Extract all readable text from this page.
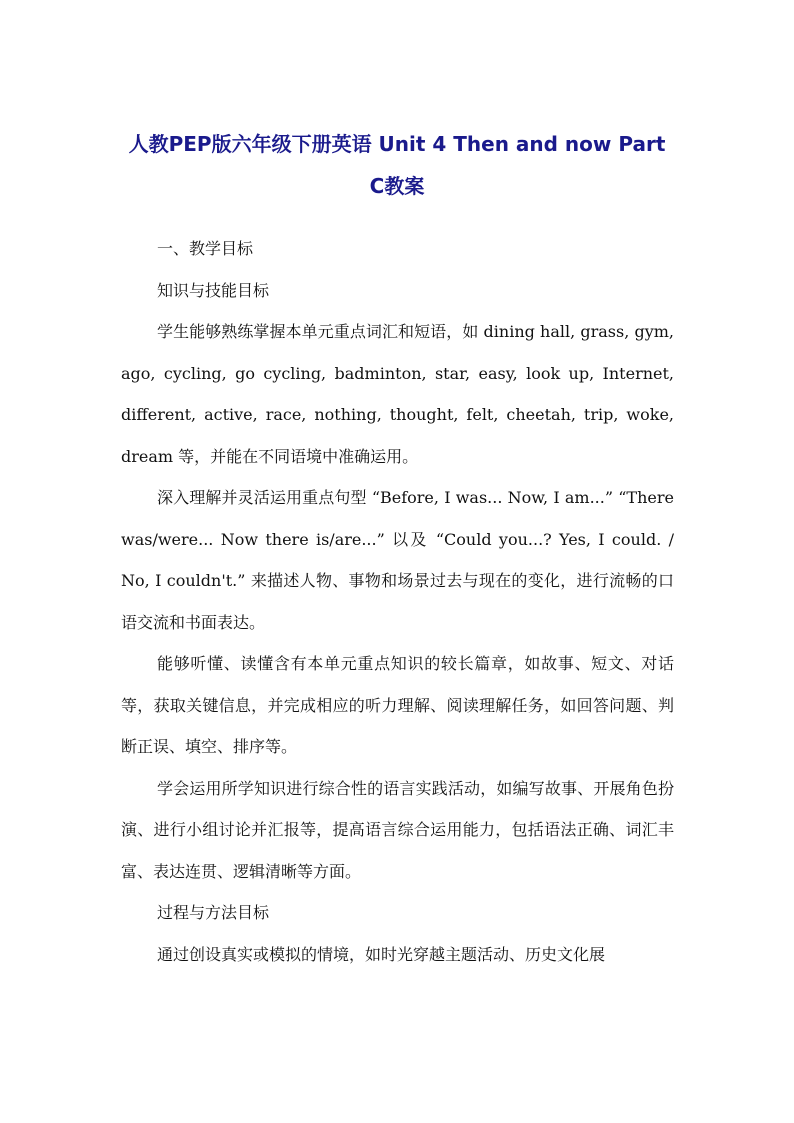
人教PEP版六年级下册英语 Unit 4 Then and now Part
C教案

一、教学目标

知识与技能目标

学生能够熟练掌握本单元重点词汇和短语，如 dining hall, grass, gym, ago, cycling, go cycling, badminton, star, easy, look up, Internet, different, active, race, nothing, thought, felt, cheetah, trip, woke, dream 等，并能在不同语境中准确运用。

深入理解并灵活运用重点句型 “Before, I was... Now, I am...” “There was/were... Now there is/are...” 以及 “Could you...? Yes, I could. / No, I couldn't.” 来描述人物、事物和场景过去与现在的变化，进行流畅的口语交流和书面表达。

能够听懂、读懂含有本单元重点知识的较长篇章，如故事、短文、对话等，获取关键信息，并完成相应的听力理解、阅读理解任务，如回答问题、判断正误、填空、排序等。

学会运用所学知识进行综合性的语言实践活动，如编写故事、开展角色扮演、进行小组讨论并汇报等，提高语言综合运用能力，包括语法正确、词汇丰富、表达连贯、逻辑清晰等方面。

过程与方法目标

通过创设真实或模拟的情境，如时光穿越主题活动、历史文化展
